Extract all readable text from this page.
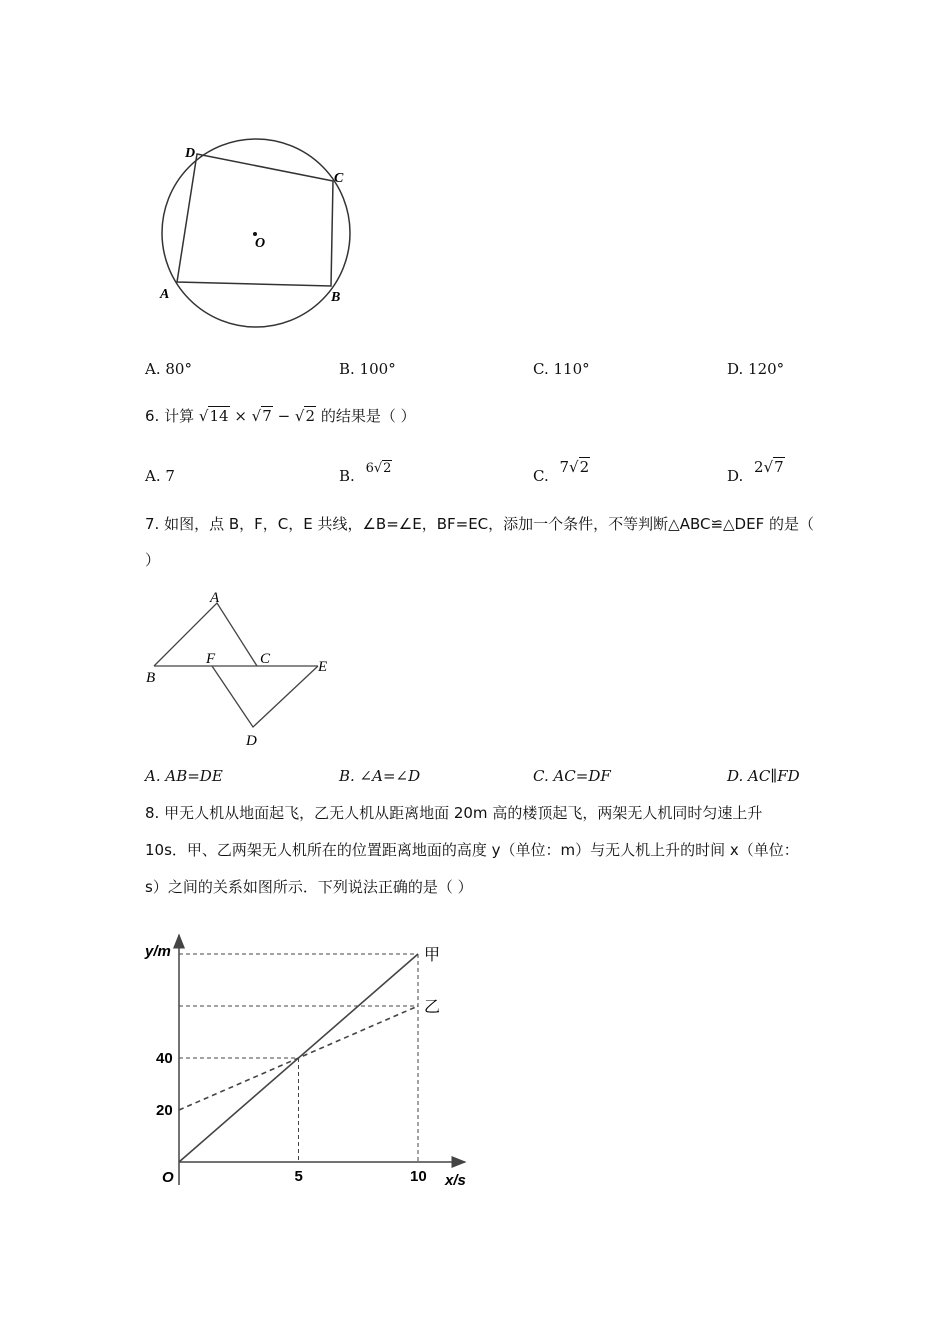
D
C
O
A	B
A. 80°	B. 100°	C. 110°	D. 120°
6. 计算 √14 × √7 − √2 的结果是（ ）
A. 7	B. 6√2	C. 7√2	D. 2√7
7. 如图，点 B，F，C，E 共线，∠B=∠E，BF=EC，添加一个条件，不等判断△ABC≌△DEF 的是（
）
A
B
F	C	E
D
A. AB=DE	B. ∠A=∠D	C. AC=DF	D. AC∥FD
8. 甲无人机从地面起飞，乙无人机从距离地面 20m 高的楼顶起飞，两架无人机同时匀速上升
10s．甲、乙两架无人机所在的位置距离地面的高度 y（单位：m）与无人机上升的时间 x（单位：
s）之间的关系如图所示．下列说法正确的是（ ）
y/m
x/s
O
20
40
5	10
甲
乙
